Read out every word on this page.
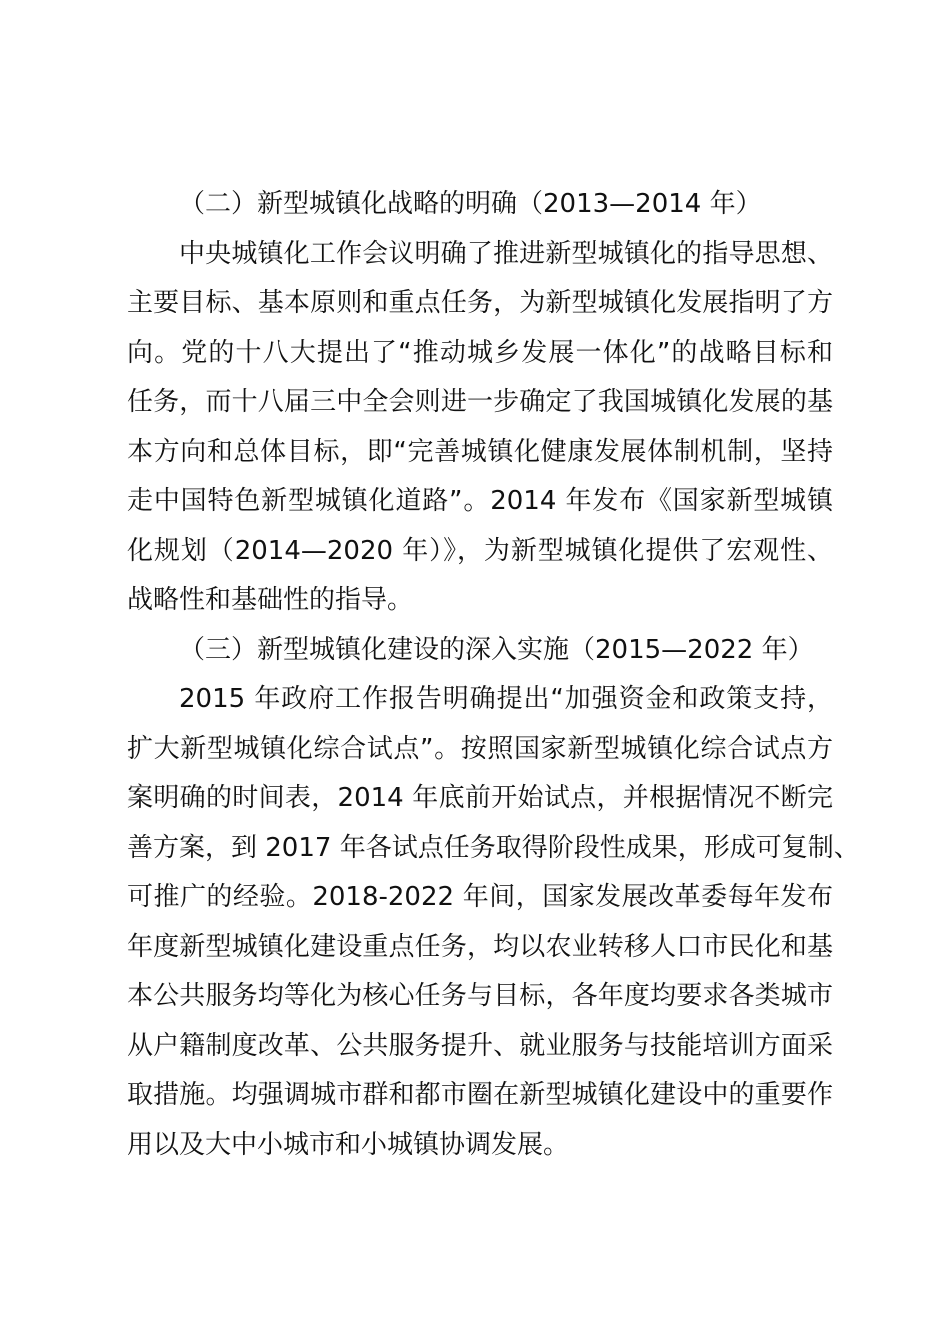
（二）新型城镇化战略的明确（2013—2014 年）
中央城镇化工作会议明确了推进新型城镇化的指导思想、
主要目标、基本原则和重点任务，为新型城镇化发展指明了方
向。党的十八大提出了“推动城乡发展一体化”的战略目标和
任务，而十八届三中全会则进一步确定了我国城镇化发展的基
本方向和总体目标，即“完善城镇化健康发展体制机制，坚持
走中国特色新型城镇化道路”。2014 年发布《国家新型城镇
化规划（2014—2020 年）》，为新型城镇化提供了宏观性、
战略性和基础性的指导。

（三）新型城镇化建设的深入实施（2015—2022 年）
2015 年政府工作报告明确提出“加强资金和政策支持，
扩大新型城镇化综合试点”。按照国家新型城镇化综合试点方
案明确的时间表，2014 年底前开始试点，并根据情况不断完
善方案，到 2017 年各试点任务取得阶段性成果，形成可复制、
可推广的经验。2018-2022 年间，国家发展改革委每年发布
年度新型城镇化建设重点任务，均以农业转移人口市民化和基
本公共服务均等化为核心任务与目标，各年度均要求各类城市
从户籍制度改革、公共服务提升、就业服务与技能培训方面采
取措施。均强调城市群和都市圈在新型城镇化建设中的重要作
用以及大中小城市和小城镇协调发展。
